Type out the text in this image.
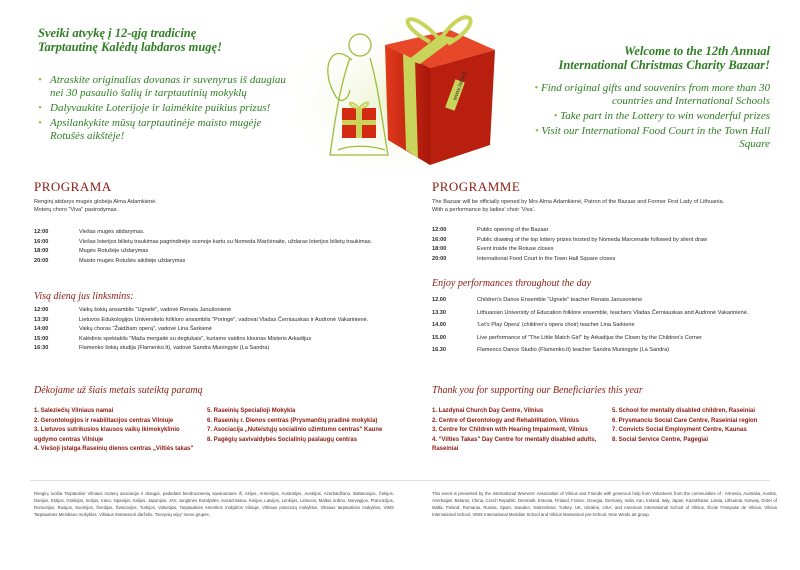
Sveiki atvykę į 12-ąją tradicinę
Tarptautinę Kalėdų labdaros mugę!	Welcome to the 12th Annual
International Christmas Charity Bazaar!
• Atraskite originalias dovanas ir suvenyrus iš daugiau nei 30 pasaulio šalių ir tarptautinių mokyklų
• Dalyvaukite Loterijoje ir laimėkite puikius prizus!
• Apsilankykite mūsų tarptautinėje maisto mugėje Rotušės aikštėje!
• Find original gifts and souvenirs from more than 30 countries and International Schools
• Take part in the Lottery to win wonderful prizes
• Visit our International Food Court in the Town Hall Square
www.iwav.lt
PROGRAMA
Renginį atidarys mugės globėja Alma Adamkienė.
Moterų choro "Viva" pasirodymas.
12:00	Viešas mugės atidarymas.
16:00	Viešas loterijos bilietų traukimas pagrindinėje scenoje kartu su Nomeda Marčėnaite, uždaras loterijos bilietų traukimas.
18:00	Mugės Rotušėje uždarymas
20:00	Maisto mugės Rotušės aikštėje uždarymas
Visą dieną jus linksmins:
12:00	Vaikų šokių ansamblis "Ugnelė", vadovė Renata Janušonienė
13:30	Lietuvos Edukologijos Universiteto folkloro ansamblis "Poringė", vadovai Vladas Černiauskas ir Audronė Vakarinienė.
14:00	Vaikų choras "Žaidžiam operą", vadovė Lina Šarkienė
15:00	Kalėdinis spektaklis "Maža mergaitė su degtukais", kuriame vaidins klounas Misteris Arkadijus
16:30	Flamenko šokių studija (Flamenko.lt), vadovė Sandra Muningyte (La Sandra)
Dėkojame už šiais metais suteiktą paramą
1. Saleziečių Vilniaus namai
2. Gerontologijos ir reabilitacijos centras Vilniuje
3. Lietuvos sutrikusios klausos vaikų ikimokyklinio ugdymo centras Vilniuje
4. Viešoji įstaiga Raseinių dienos centras „Viltiės takas"
5. Raseinių Specialioji Mokykla
6. Raseinių r. Dienos centras (Prysmančių pradinė mokykla)
7. Asociacija „Nuteistųjų socialinio užimtumo centras" Kaune
8. Pagėgių savivaldybės Socialinių paslaugų centras
PROGRAMME
The Bazaar will be officially opened by Mrs Alma Adamkienė, Patron of the Bazaar and Former First Lady of Lithuania.
With a performance by ladies' choir 'Viva'.
12:00	Public opening of the Bazaar
16:00	Public drawing of the top lottery prizes hosted by Nomeda Marcenaite followed by silent draw
18:00	Event inside the Rotuse closes
20:00	International Food Court in the Town Hall Square closes
Enjoy performances throughout the day
12.00	Children's Dance Ensemble "Ugnele" teacher Renata Janusoniene
13.30	Lithuanian University of Education folklore ensemble, teachers Vladas Černiauskas and Audronė Vakarinienė.
14.00	'Let's Play Opera' (children's opera choir) teacher Lina Sarkiene
15.00	Live performance of "The Little Match Girl" by Arkadijus the Clown by the Children's Corner
16.30	Flamenco Dance Studio (Flamenko.lt) teacher Sandra Muningyte (La Sandra)
Thank you for supporting our Beneficiaries this year
1. Lazdynai Church Day Centre, Vilnius
2. Centre of Gerontology and Rehabilitation, Vilnius
3. Centre for Children with Hearing Impairment, Vilnius
4. "Vilties Takas" Day Centre for mentally disabled adults, Raseiniai
5. School for mentally disabled children, Raseiniai
6. Prysmanciu Social Care Centre, Raseiniai region
7. Convicts Social Employment Centre, Kaunas
8. Social Service Centre, Pagegiai
Renginį ruošia Tarptautinė Vilniaus moterų asociacija ir draugai, padedant bendruomenių savanoriams iš: Airijos, Armėnijos, Australijos, Austrijos, Azerbaidžano, Baltarusijos, Čekijos, Danijos, Estijos, Graikijos, Indijos, Irano, Ispanijos, Italijos, Japonijos, JAV, Jungtinės Karalystės, Kazachstano, Kinijos, Latvijos, Lenkijos, Lietuvos, Maltos ordino, Norvegijos, Prancūzijos, Rumunijos, Rusijos, Suomijos, Švedijos, Šveicarijos, Turkijos, Vokietijos, Tarptautinės Amerikos mokyklos Vilniuje, Vilniaus prancūzų mokyklos, Vilniaus tarptautinės mokyklos, VIMS Tarptautinės Meridiano mokyklos, Vilniaus Montessori darželio, "Devynių vėjų" meno grupės.
This event is presented by the International Womens' Association of Vilnius and Friends with generous help from Volunteers from the communities of : Armenia, Australia, Austria, Azerbaijan, Belarus, China, Czech Republic, Denmark, Estonia, Finland, France, Georgia, Germany, India, Iran, Ireland, Italy, Japan, Kazakhstan, Latvia, Lithuania, Norway, Order of Malta, Poland, Romania, Russia, Spain, Sweden, Switzerland, Turkey, UK, Ukraine, USA; and American International School of Vilnius, École Française de Vilnius, Vilnius International School, VIMS International Meridian School and Vilnius Montessori pre-School, Nine Winds art group.
